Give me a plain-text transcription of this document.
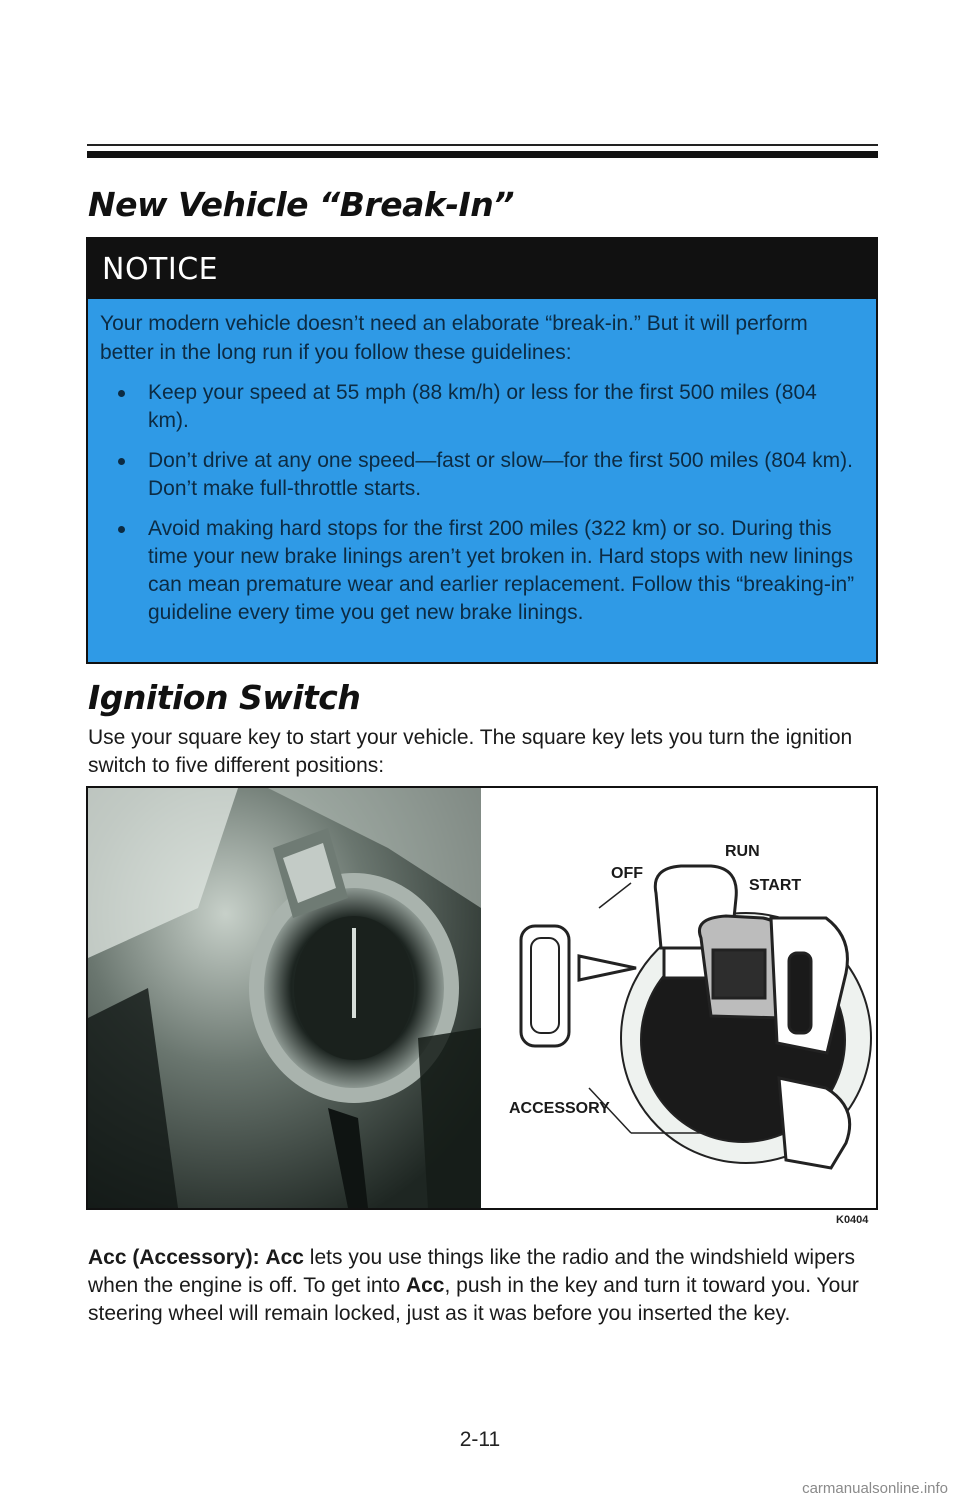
New Vehicle “Break-In”
NOTICE

Your modern vehicle doesn’t need an elaborate “break-in.” But it will perform better in the long run if you follow these guidelines:

Keep your speed at 55 mph (88 km/h) or less for the first 500 miles (804 km).
Don’t drive at any one speed—fast or slow—for the first 500 miles (804 km). Don’t make full-throttle starts.
Avoid making hard stops for the first 200 miles (322 km) or so. During this time your new brake linings aren’t yet broken in. Hard stops with new linings can mean premature wear and earlier replacement. Follow this “breaking-in” guideline every time you get new brake linings.
Ignition Switch

Use your square key to start your vehicle. The square key lets you turn the ignition switch to five different positions:

RUN
OFF
START
ACCESSORY
K0404

Acc (Accessory): Acc lets you use things like the radio and the windshield wipers when the engine is off. To get into Acc, push in the key and turn it toward you. Your steering wheel will remain locked, just as it was before you inserted the key.

2-11
carmanualsonline.info
